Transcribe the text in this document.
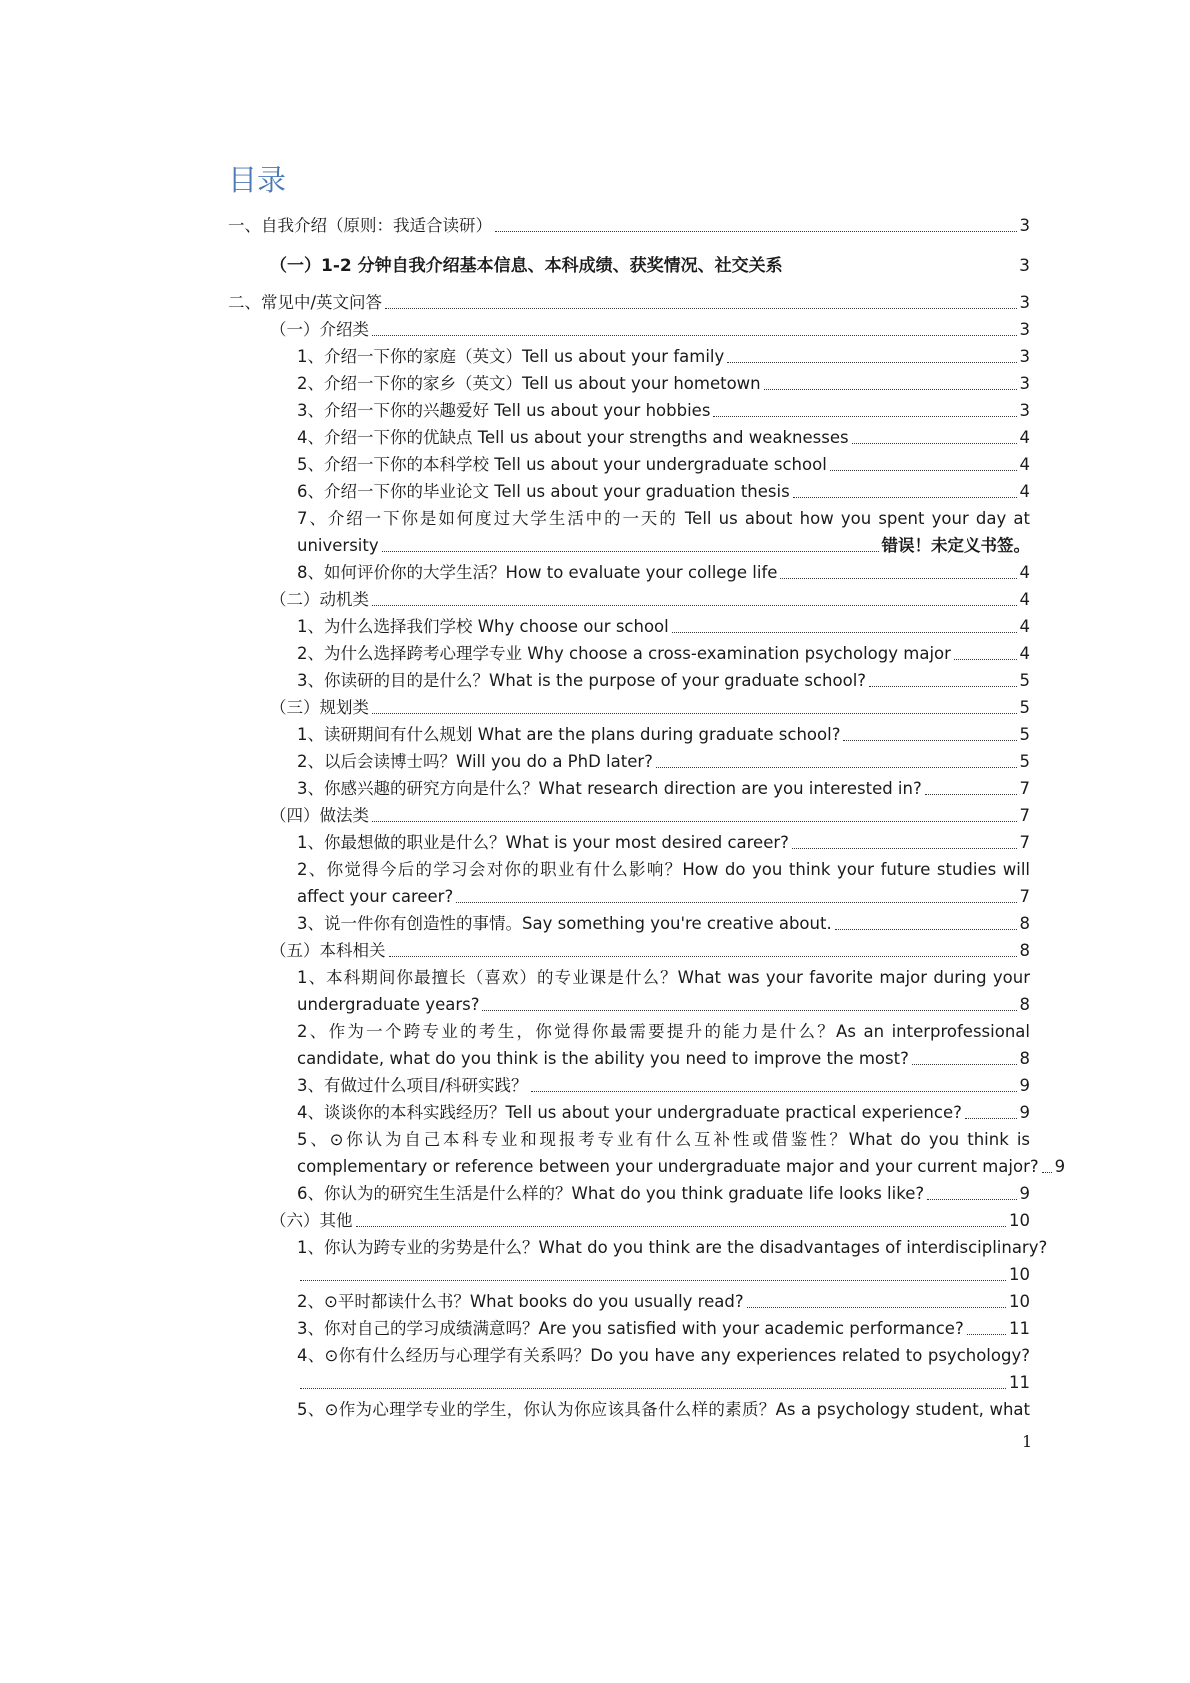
目录
一、自我介绍（原则：我适合读研）	3
（一）1-2 分钟自我介绍基本信息、本科成绩、获奖情况、社交关系	3
二、常见中/英文问答	3
（一）介绍类	3
1、介绍一下你的家庭（英文）Tell us about your family	3
2、介绍一下你的家乡（英文）Tell us about your hometown	3
3、介绍一下你的兴趣爱好 Tell us about your hobbies	3
4、介绍一下你的优缺点 Tell us about your strengths and weaknesses	4
5、介绍一下你的本科学校 Tell us about your undergraduate school	4
6、介绍一下你的毕业论文 Tell us about your graduation thesis	4
7、介绍一下你是如何度过大学生活中的一天的 Tell us about how you spent your day at
university	错误！未定义书签。
8、如何评价你的大学生活？How to evaluate your college life	4
（二）动机类	4
1、为什么选择我们学校 Why choose our school	4
2、为什么选择跨考心理学专业 Why choose a cross-examination psychology major	4
3、你读研的目的是什么？What is the purpose of your graduate school?	5
（三）规划类	5
1、读研期间有什么规划 What are the plans during graduate school?	5
2、以后会读博士吗？Will you do a PhD later?	5
3、你感兴趣的研究方向是什么？What research direction are you interested in?	7
（四）做法类	7
1、你最想做的职业是什么？What is your most desired career?	7
2、你觉得今后的学习会对你的职业有什么影响？How do you think your future studies will
affect your career?	7
3、说一件你有创造性的事情。Say something you're creative about.	8
（五）本科相关	8
1、本科期间你最擅长（喜欢）的专业课是什么？What was your favorite major during your
undergraduate years?	8
2、作为一个跨专业的考生，你觉得你最需要提升的能力是什么？As an interprofessional
candidate, what do you think is the ability you need to improve the most?	8
3、有做过什么项目/科研实践？	9
4、谈谈你的本科实践经历？Tell us about your undergraduate practical experience?	9
5、⊙你认为自己本科专业和现报考专业有什么互补性或借鉴性？What do you think is
complementary or reference between your undergraduate major and your current major? 9
6、你认为的研究生生活是什么样的？What do you think graduate life looks like?	9
（六）其他	10
1、你认为跨专业的劣势是什么？What do you think are the disadvantages of interdisciplinary?
10
2、⊙平时都读什么书？What books do you usually read?	10
3、你对自己的学习成绩满意吗？Are you satisfied with your academic performance?	11
4、⊙你有什么经历与心理学有关系吗？Do you have any experiences related to psychology?
11
5、⊙作为心理学专业的学生，你认为你应该具备什么样的素质？As a psychology student, what
1
